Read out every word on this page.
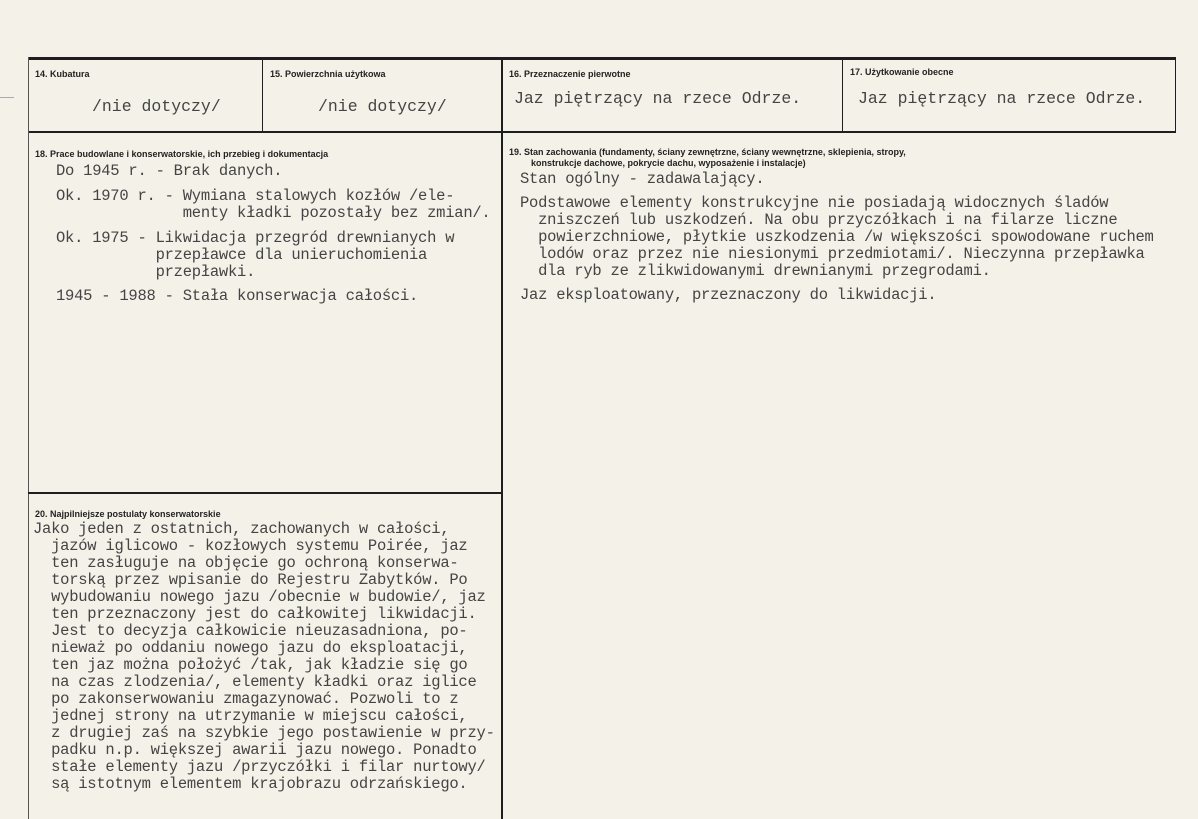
14. Kubatura	15. Powierzchnia użytkowa	16. Przeznaczenie pierwotne	17. Użytkowanie obecne
/nie dotyczy/	/nie dotyczy/	Jaz piętrzący na rzece Odrze.	Jaz piętrzący na rzece Odrze.
18. Prace budowlane i konserwatorskie, ich przebieg i dokumentacja
Do 1945 r. - Brak danych.
Ok. 1970 r. - Wymiana stalowych kozłów /ele-
menty kładki pozostały bez zmian/.
Ok. 1975 - Likwidacja przegród drewnianych w
przepławce dla unieruchomienia
przepławki.
1945 - 1988 - Stała konserwacja całości.
19. Stan zachowania (fundamenty, ściany zewnętrzne, ściany wewnętrzne, sklepienia, stropy,
konstrukcje dachowe, pokrycie dachu, wyposażenie i instalacje)
Stan ogólny - zadawalający.
Podstawowe elementy konstrukcyjne nie posiadają widocznych śladów
zniszczeń lub uszkodzeń. Na obu przyczółkach i na filarze liczne
powierzchniowe, płytkie uszkodzenia /w większości spowodowane ruchem
lodów oraz przez nie niesionymi przedmiotami/. Nieczynna przepławka
dla ryb ze zlikwidowanymi drewnianymi przegrodami.
Jaz eksploatowany, przeznaczony do likwidacji.
20. Najpilniejsze postulaty konserwatorskie
Jako jeden z ostatnich, zachowanych w całości,
jazów iglicowo - kozłowych systemu Poirée, jaz
ten zasługuje na objęcie go ochroną konserwa-
torską przez wpisanie do Rejestru Zabytków. Po
wybudowaniu nowego jazu /obecnie w budowie/, jaz
ten przeznaczony jest do całkowitej likwidacji.
Jest to decyzja całkowicie nieuzasadniona, po-
nieważ po oddaniu nowego jazu do eksploatacji,
ten jaz można położyć /tak, jak kładzie się go
na czas zlodzenia/, elementy kładki oraz iglice
po zakonserwowaniu zmagazynować. Pozwoli to z
jednej strony na utrzymanie w miejscu całości,
z drugiej zaś na szybkie jego postawienie w przy-
padku n.p. większej awarii jazu nowego. Ponadto
stałe elementy jazu /przyczółki i filar nurtowy/
są istotnym elementem krajobrazu odrzańskiego.
